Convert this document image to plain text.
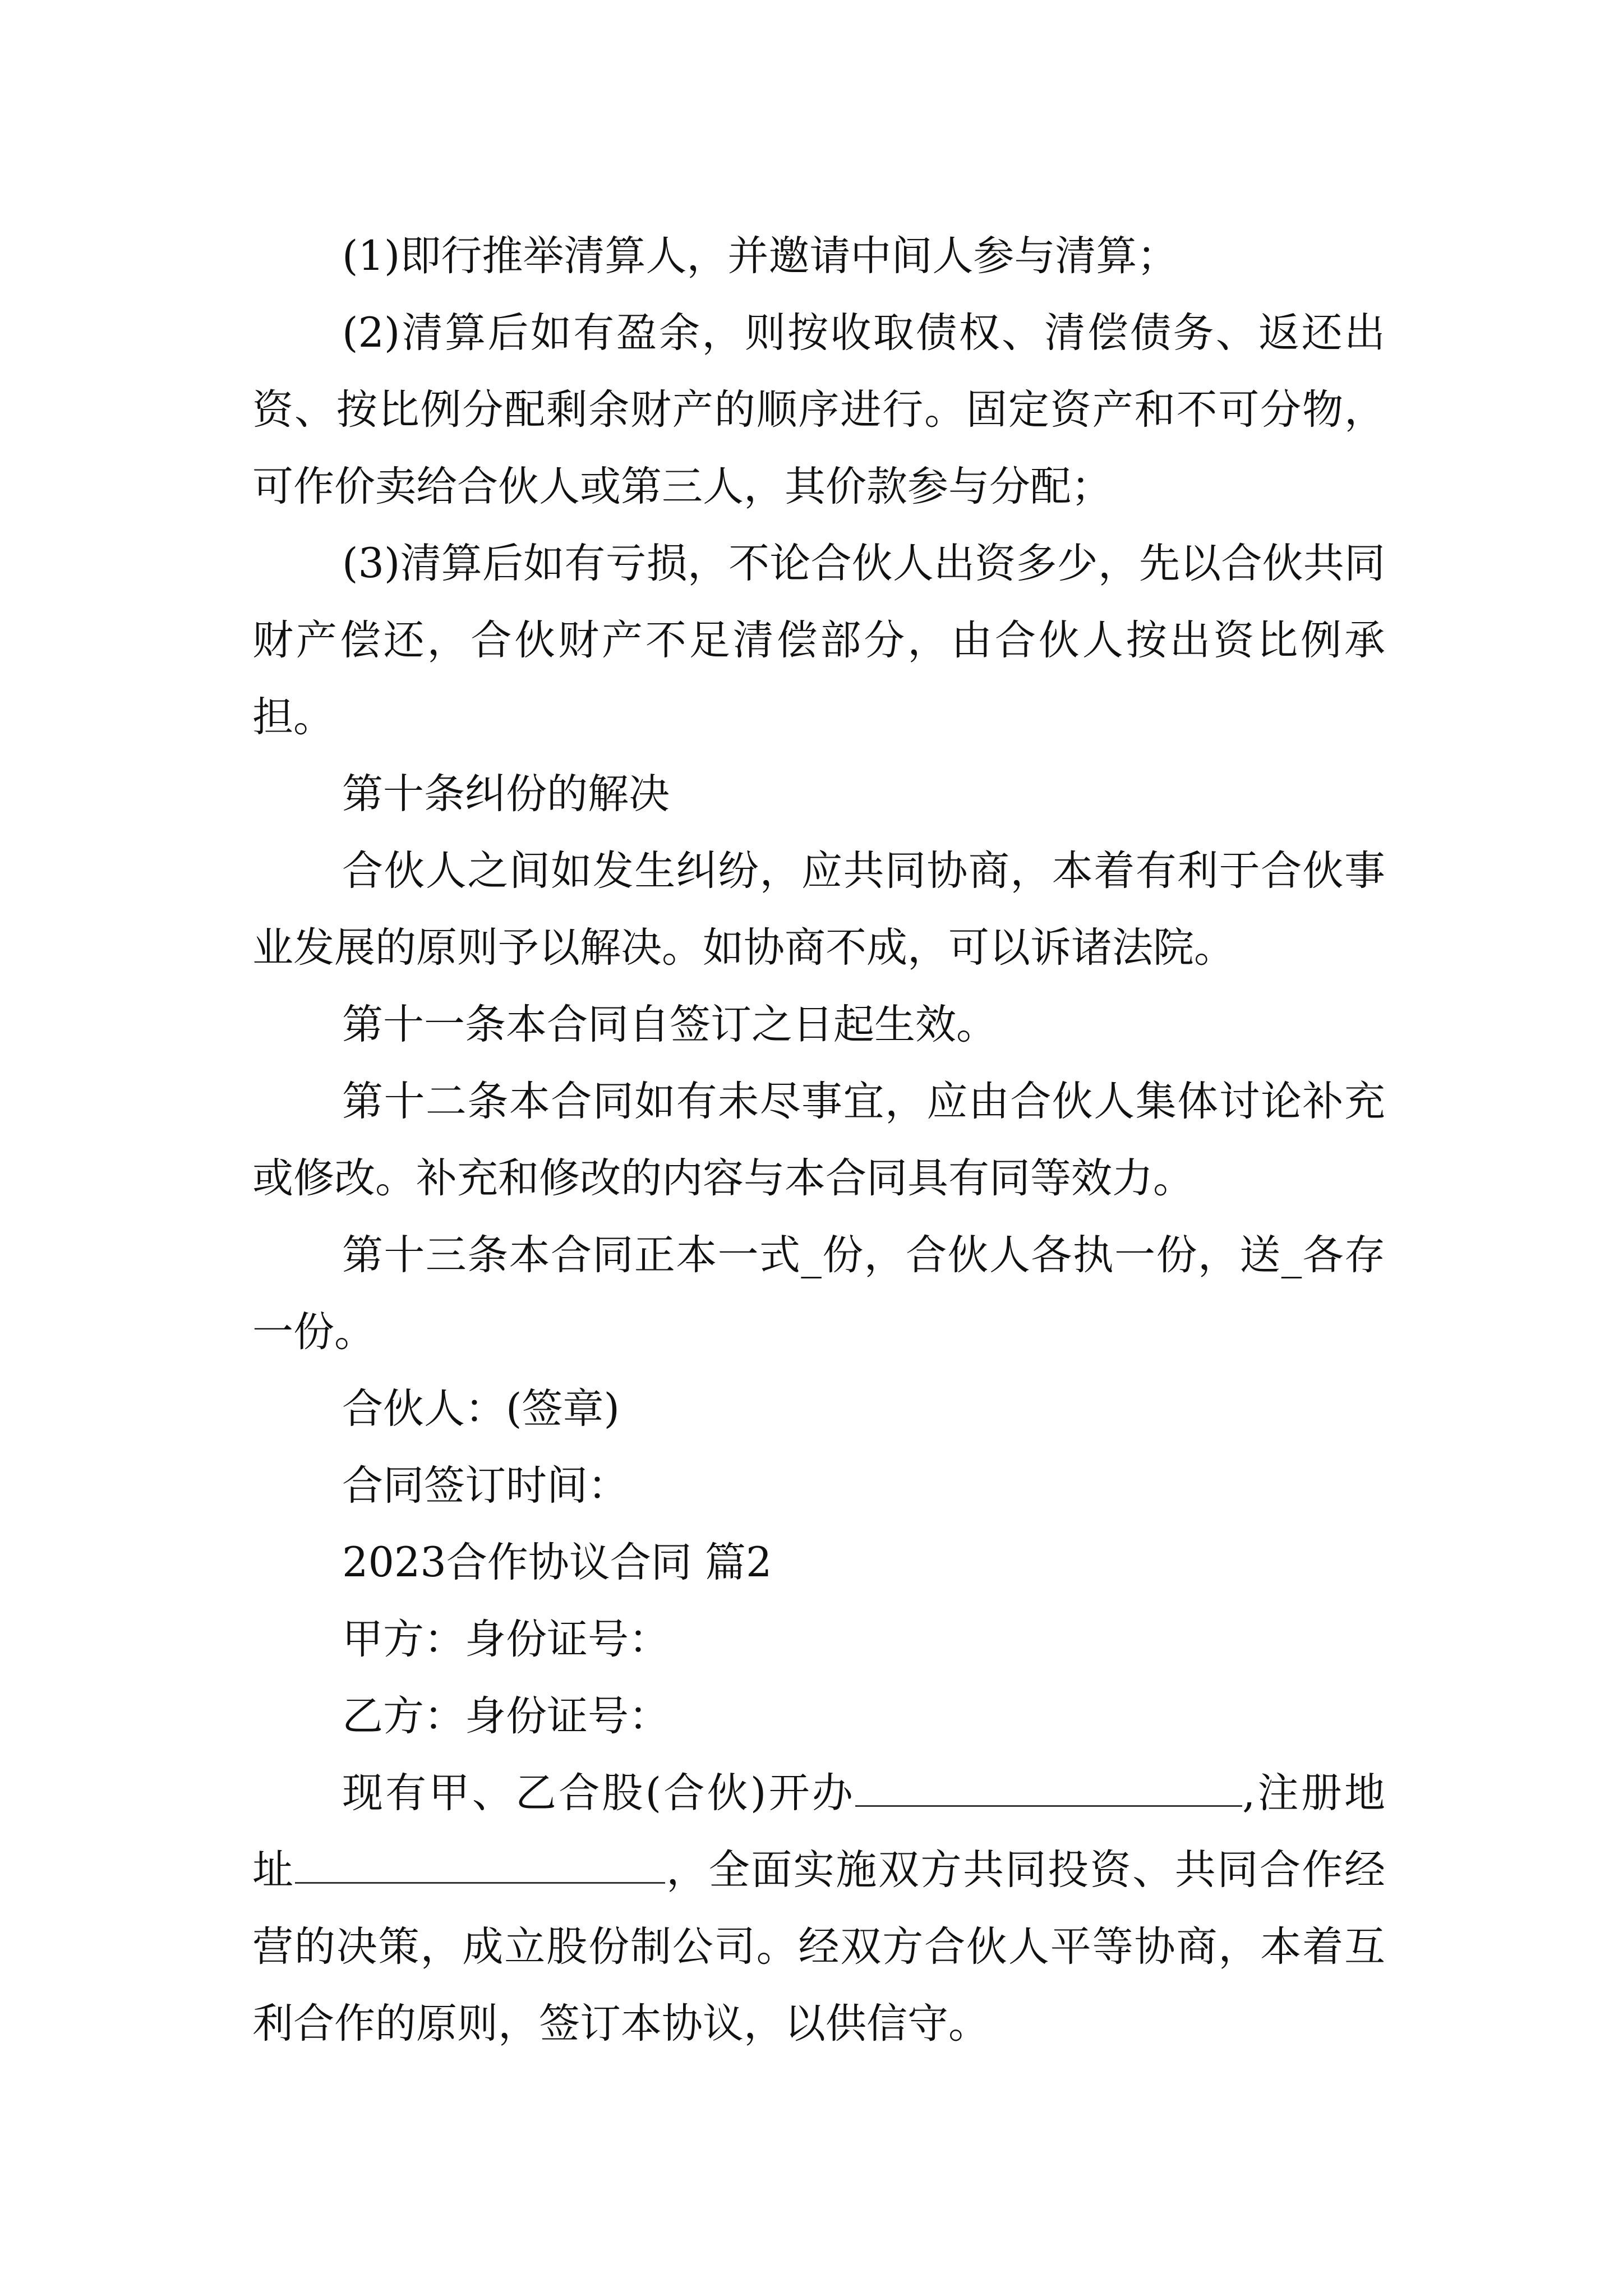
(1)即行推举清算人，并邀请中间人参与清算；

(2)清算后如有盈余，则按收取债权、清偿债务、返还出资、按比例分配剩余财产的顺序进行。固定资产和不可分物，可作价卖给合伙人或第三人，其价款参与分配；

(3)清算后如有亏损，不论合伙人出资多少，先以合伙共同财产偿还，合伙财产不足清偿部分，由合伙人按出资比例承担。

第十条纠份的解决

合伙人之间如发生纠纷，应共同协商，本着有利于合伙事业发展的原则予以解决。如协商不成，可以诉诸法院。

第十一条本合同自签订之日起生效。

第十二条本合同如有未尽事宜，应由合伙人集体讨论补充或修改。补充和修改的内容与本合同具有同等效力。

第十三条本合同正本一式_份，合伙人各执一份，送_各存一份。

合伙人：(签章)

合同签订时间：

2023合作协议合同 篇2

甲方：身份证号：

乙方：身份证号：

现有甲、乙合股(合伙)开办	,注册地址	，全面实施双方共同投资、共同合作经营的决策，成立股份制公司。经双方合伙人平等协商，本着互利合作的原则，签订本协议，以供信守。
